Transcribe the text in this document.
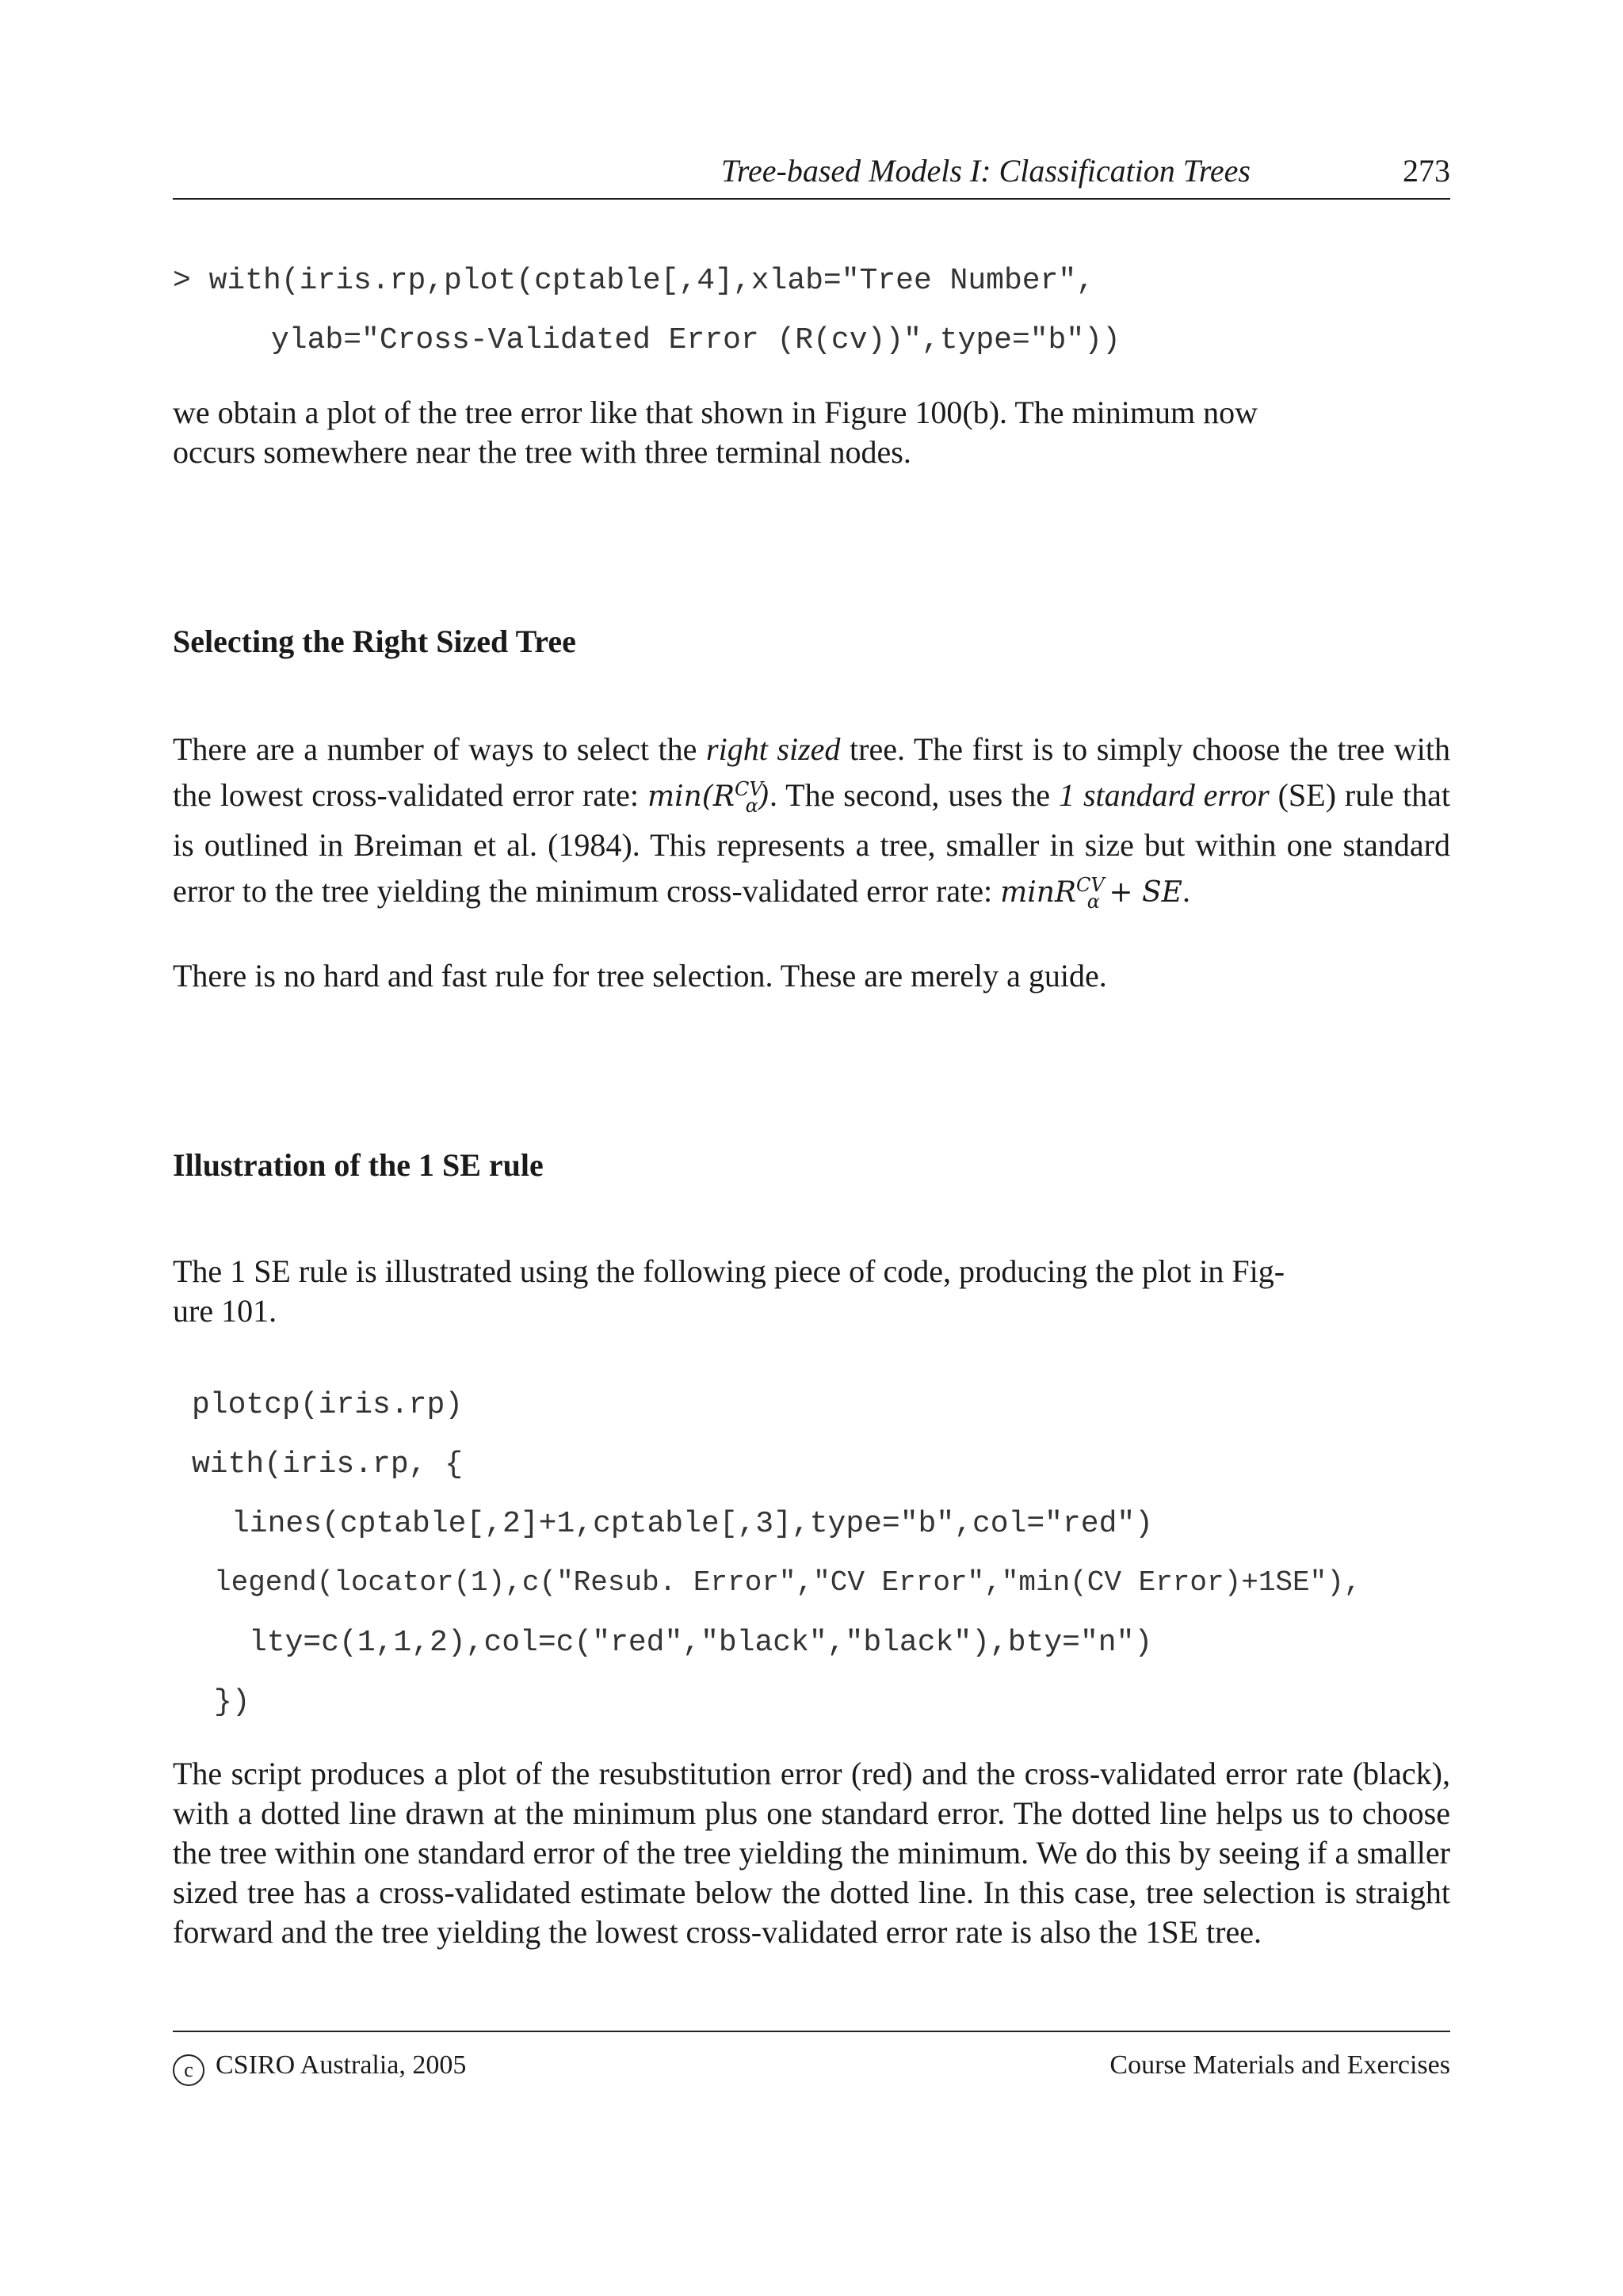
Tree-based Models I: Classification Trees	273
> with(iris.rp,plot(cptable[,4],xlab="Tree Number",
ylab="Cross-Validated Error (R(cv))",type="b"))
we obtain a plot of the tree error like that shown in Figure 100(b). The minimum now
occurs somewhere near the tree with three terminal nodes.
Selecting the Right Sized Tree
There are a number of ways to select the right sized tree. The first is to simply choose the tree with the lowest cross-validated error rate: $\min(R^{CV}_\alpha)$. The second, uses the 1 standard error (SE) rule that is outlined in Breiman et al. (1984). This represents a tree, smaller in size but within one standard error to the tree yielding the minimum cross-validated error rate: minR$^{CV}_\alpha$ + SE.
There is no hard and fast rule for tree selection. These are merely a guide.
Illustration of the 1 SE rule
The 1 SE rule is illustrated using the following piece of code, producing the plot in Fig-
ure 101.
plotcp(iris.rp)
with(iris.rp, {
lines(cptable[,2]+1,cptable[,3],type="b",col="red")
legend(locator(1),c("Resub. Error","CV Error","min(CV Error)+1SE"),
lty=c(1,1,2),col=c("red","black","black"),bty="n")
})
The script produces a plot of the resubstitution error (red) and the cross-validated error rate (black), with a dotted line drawn at the minimum plus one standard error. The dotted line helps us to choose the tree within one standard error of the tree yielding the minimum. We do this by seeing if a smaller sized tree has a cross-validated estimate below the dotted line. In this case, tree selection is straight forward and the tree yielding the lowest cross-validated error rate is also the 1SE tree.
c CSIRO Australia, 2005	Course Materials and Exercises
